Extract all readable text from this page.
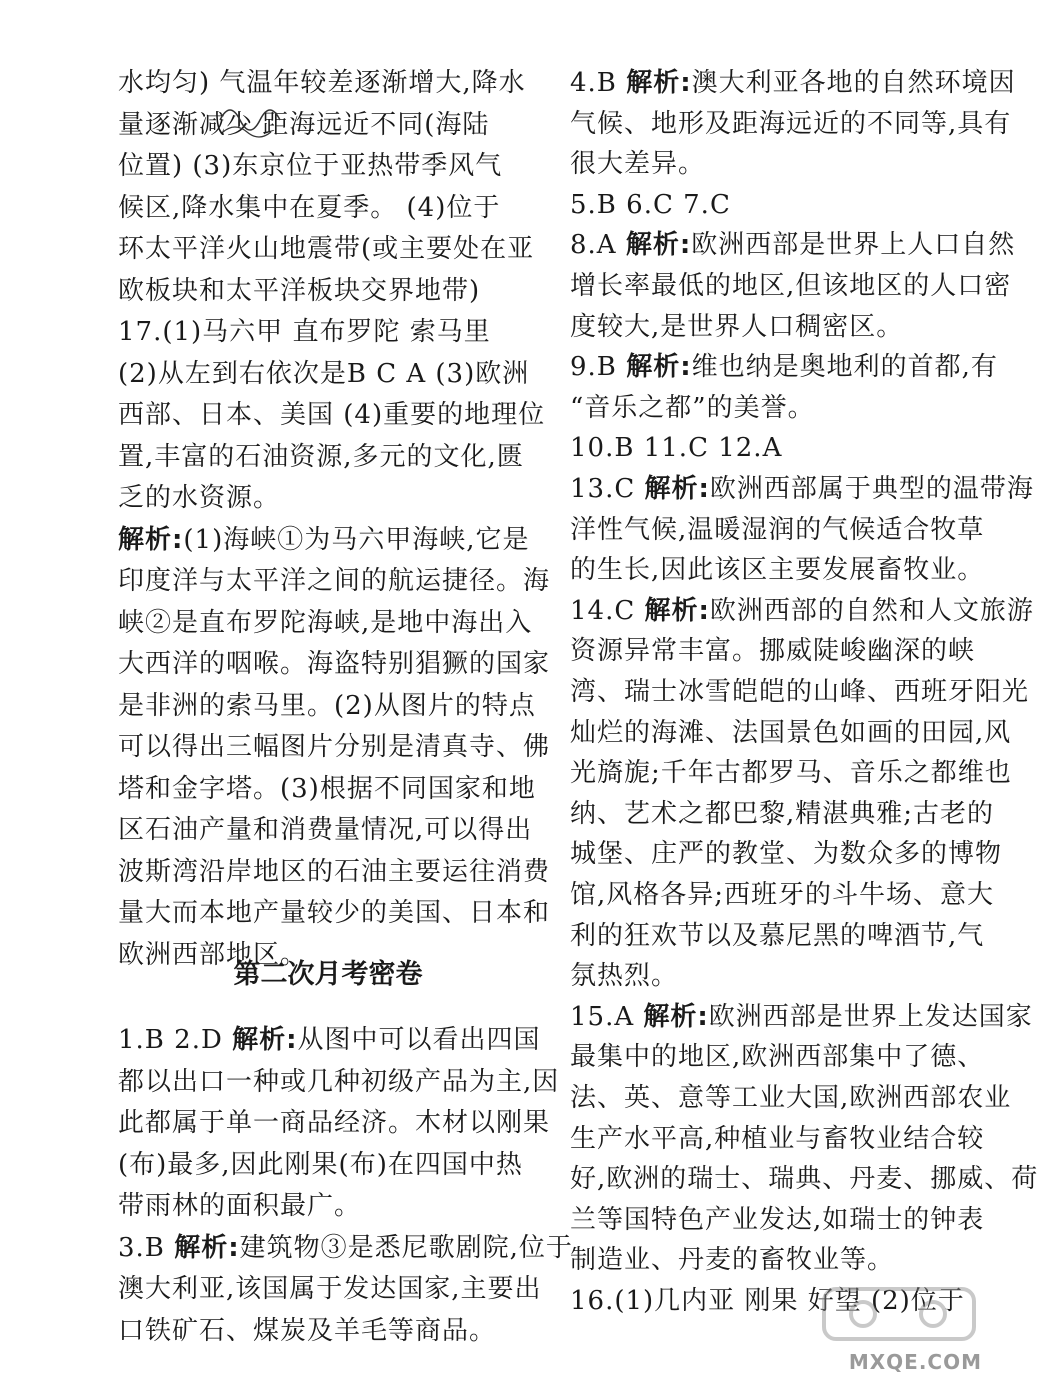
水均匀) 气温年较差逐渐增大,降水
量逐渐减少 距海远近不同(海陆
位置) (3)东京位于亚热带季风气
候区,降水集中在夏季。 (4)位于
环太平洋火山地震带(或主要处在亚
欧板块和太平洋板块交界地带)
17.(1)马六甲 直布罗陀 索马里
(2)从左到右依次是B C A (3)欧洲
西部、日本、美国 (4)重要的地理位
置,丰富的石油资源,多元的文化,匮
乏的水资源。
解析:(1)海峡①为马六甲海峡,它是
印度洋与太平洋之间的航运捷径。海
峡②是直布罗陀海峡,是地中海出入
大西洋的咽喉。海盗特别猖獗的国家
是非洲的索马里。(2)从图片的特点
可以得出三幅图片分别是清真寺、佛
塔和金字塔。(3)根据不同国家和地
区石油产量和消费量情况,可以得出
波斯湾沿岸地区的石油主要运往消费
量大而本地产量较少的美国、日本和
欧洲西部地区。
第二次月考密卷
1.B 2.D 解析:从图中可以看出四国
都以出口一种或几种初级产品为主,因
此都属于单一商品经济。木材以刚果
(布)最多,因此刚果(布)在四国中热
带雨林的面积最广。
3.B 解析:建筑物③是悉尼歌剧院,位于
澳大利亚,该国属于发达国家,主要出
口铁矿石、煤炭及羊毛等商品。
4.B 解析:澳大利亚各地的自然环境因
气候、地形及距海远近的不同等,具有
很大差异。
5.B 6.C 7.C
8.A 解析:欧洲西部是世界上人口自然
增长率最低的地区,但该地区的人口密
度较大,是世界人口稠密区。
9.B 解析:维也纳是奥地利的首都,有
“音乐之都”的美誉。
10.B 11.C 12.A
13.C 解析:欧洲西部属于典型的温带海
洋性气候,温暖湿润的气候适合牧草
的生长,因此该区主要发展畜牧业。
14.C 解析:欧洲西部的自然和人文旅游
资源异常丰富。挪威陡峻幽深的峡
湾、瑞士冰雪皑皑的山峰、西班牙阳光
灿烂的海滩、法国景色如画的田园,风
光旖旎;千年古都罗马、音乐之都维也
纳、艺术之都巴黎,精湛典雅;古老的
城堡、庄严的教堂、为数众多的博物
馆,风格各异;西班牙的斗牛场、意大
利的狂欢节以及慕尼黑的啤酒节,气
氛热烈。
15.A 解析:欧洲西部是世界上发达国家
最集中的地区,欧洲西部集中了德、
法、英、意等工业大国,欧洲西部农业
生产水平高,种植业与畜牧业结合较
好,欧洲的瑞士、瑞典、丹麦、挪威、荷
兰等国特色产业发达,如瑞士的钟表
制造业、丹麦的畜牧业等。
16.(1)几内亚 刚果 好望 (2)位于
MXQE.COM
